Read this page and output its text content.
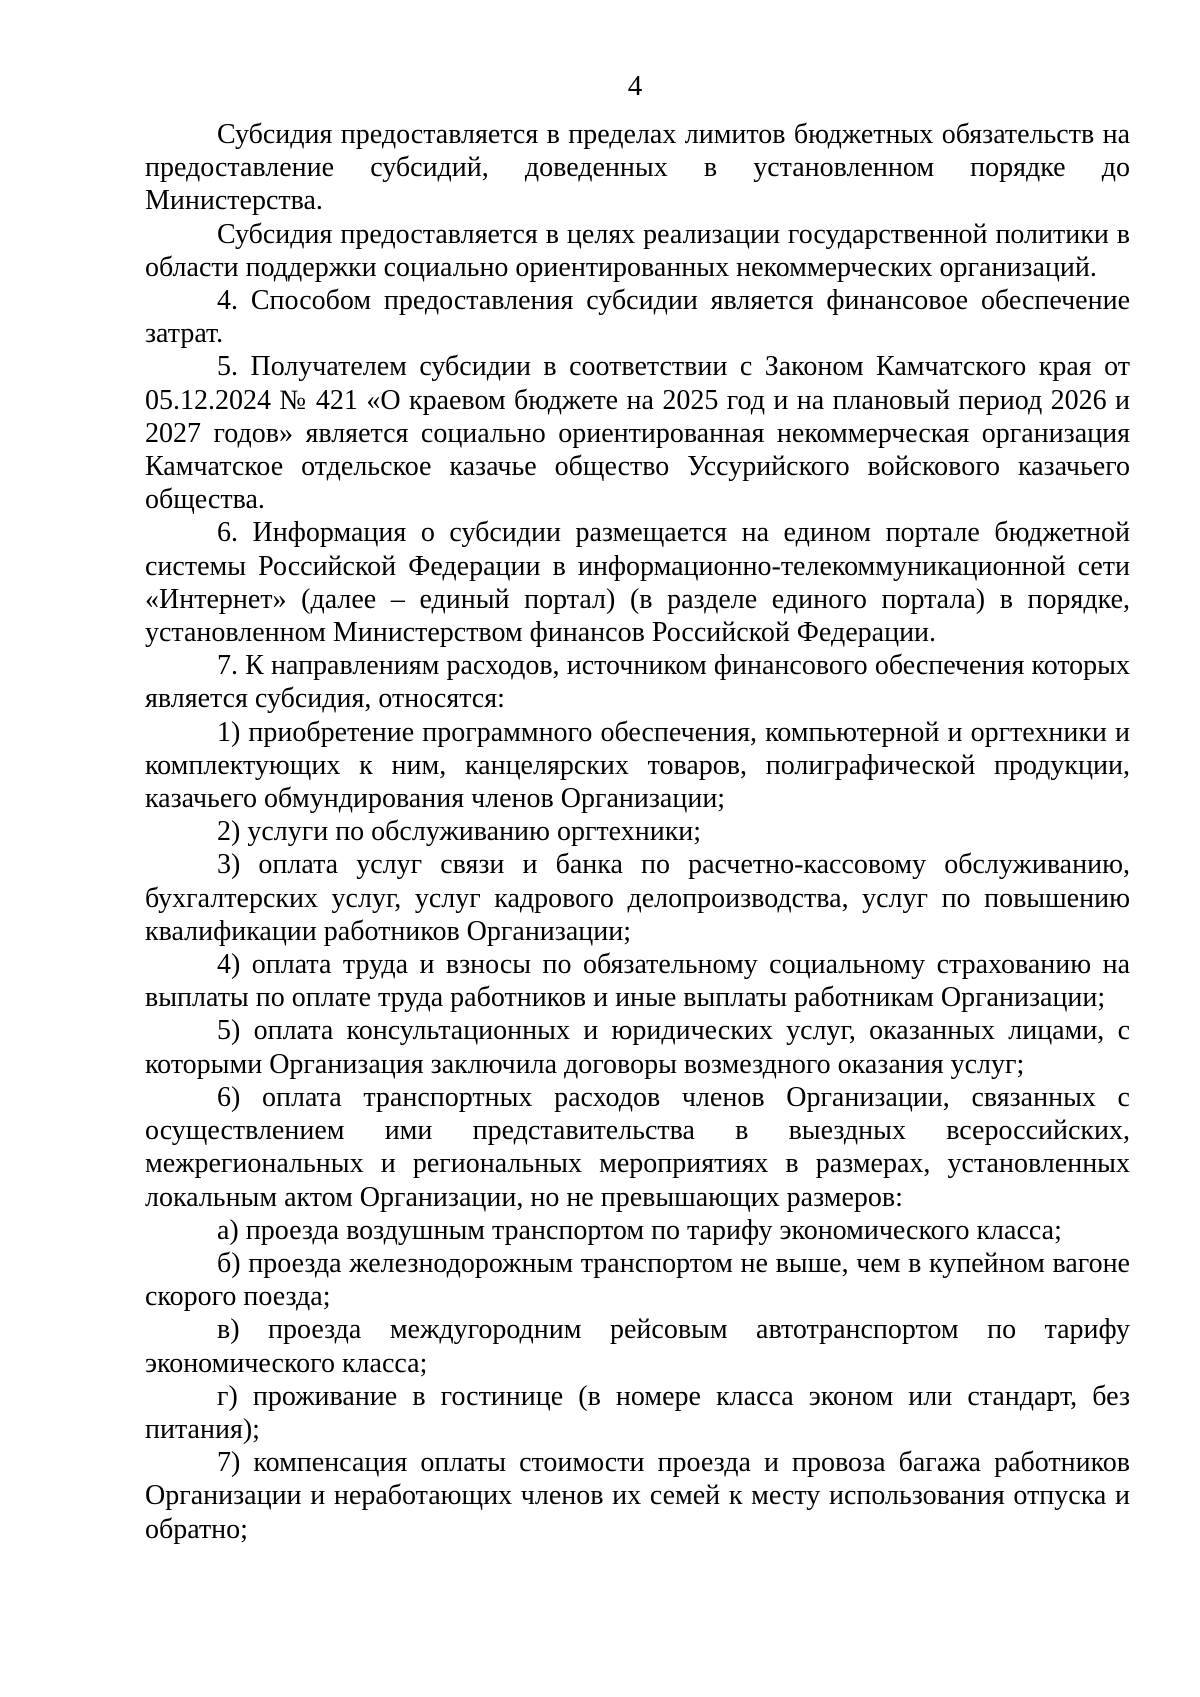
4

Субсидия предоставляется в пределах лимитов бюджетных обязательств на предоставление субсидий, доведенных в установленном порядке до Министерства.

Субсидия предоставляется в целях реализации государственной политики в области поддержки социально ориентированных некоммерческих организаций.

4. Способом предоставления субсидии является финансовое обеспечение затрат.

5. Получателем субсидии в соответствии с Законом Камчатского края от 05.12.2024 № 421 «О краевом бюджете на 2025 год и на плановый период 2026 и 2027 годов» является социально ориентированная некоммерческая организация Камчатское отдельское казачье общество Уссурийского войскового казачьего общества.

6. Информация о субсидии размещается на едином портале бюджетной системы Российской Федерации в информационно-телекоммуникационной сети «Интернет» (далее – единый портал) (в разделе единого портала) в порядке, установленном Министерством финансов Российской Федерации.

7. К направлениям расходов, источником финансового обеспечения которых является субсидия, относятся:

1) приобретение программного обеспечения, компьютерной и оргтехники и комплектующих к ним, канцелярских товаров, полиграфической продукции, казачьего обмундирования членов Организации;

2) услуги по обслуживанию оргтехники;

3) оплата услуг связи и банка по расчетно-кассовому обслуживанию, бухгалтерских услуг, услуг кадрового делопроизводства, услуг по повышению квалификации работников Организации;

4) оплата труда и взносы по обязательному социальному страхованию на выплаты по оплате труда работников и иные выплаты работникам Организации;

5) оплата консультационных и юридических услуг, оказанных лицами, с которыми Организация заключила договоры возмездного оказания услуг;

6) оплата транспортных расходов членов Организации, связанных с осуществлением ими представительства в выездных всероссийских, межрегиональных и региональных мероприятиях в размерах, установленных локальным актом Организации, но не превышающих размеров:

а) проезда воздушным транспортом по тарифу экономического класса;

б) проезда железнодорожным транспортом не выше, чем в купейном вагоне скорого поезда;

в) проезда междугородним рейсовым автотранспортом по тарифу экономического класса;

г) проживание в гостинице (в номере класса эконом или стандарт, без питания);

7) компенсация оплаты стоимости проезда и провоза багажа работников Организации и неработающих членов их семей к месту использования отпуска и обратно;
